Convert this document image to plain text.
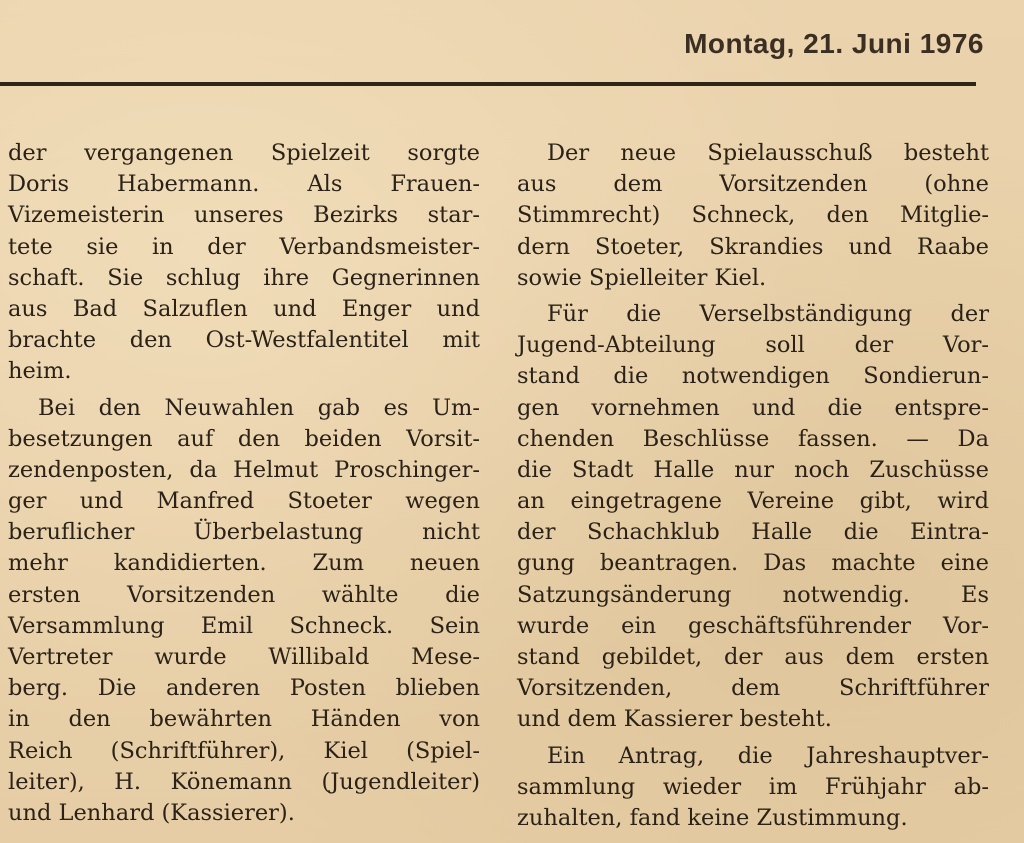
Montag, 21. Juni 1976
der vergangenen Spielzeit sorgte
Doris Habermann. Als Frauen-
Vizemeisterin unseres Bezirks star-
tete sie in der Verbandsmeister-
schaft. Sie schlug ihre Gegnerinnen
aus Bad Salzuflen und Enger und
brachte den Ost-Westfalentitel mit
heim.
Bei den Neuwahlen gab es Um-
besetzungen auf den beiden Vorsit-
zendenposten, da Helmut Proschinger-
ger und Manfred Stoeter wegen
beruflicher Überbelastung nicht
mehr kandidierten. Zum neuen
ersten Vorsitzenden wählte die
Versammlung Emil Schneck. Sein
Vertreter wurde Willibald Mese-
berg. Die anderen Posten blieben
in den bewährten Händen von
Reich (Schriftführer), Kiel (Spiel-
leiter), H. Könemann (Jugendleiter)
und Lenhard (Kassierer).
Der neue Spielausschuß besteht
aus dem Vorsitzenden (ohne
Stimmrecht) Schneck, den Mitglie-
dern Stoeter, Skrandies und Raabe
sowie Spielleiter Kiel.
Für die Verselbständigung der
Jugend-Abteilung soll der Vor-
stand die notwendigen Sondierun-
gen vornehmen und die entspre-
chenden Beschlüsse fassen. — Da
die Stadt Halle nur noch Zuschüsse
an eingetragene Vereine gibt, wird
der Schachklub Halle die Eintra-
gung beantragen. Das machte eine
Satzungsänderung notwendig. Es
wurde ein geschäftsführender Vor-
stand gebildet, der aus dem ersten
Vorsitzenden, dem Schriftführer
und dem Kassierer besteht.
Ein Antrag, die Jahreshauptver-
sammlung wieder im Frühjahr ab-
zuhalten, fand keine Zustimmung.
